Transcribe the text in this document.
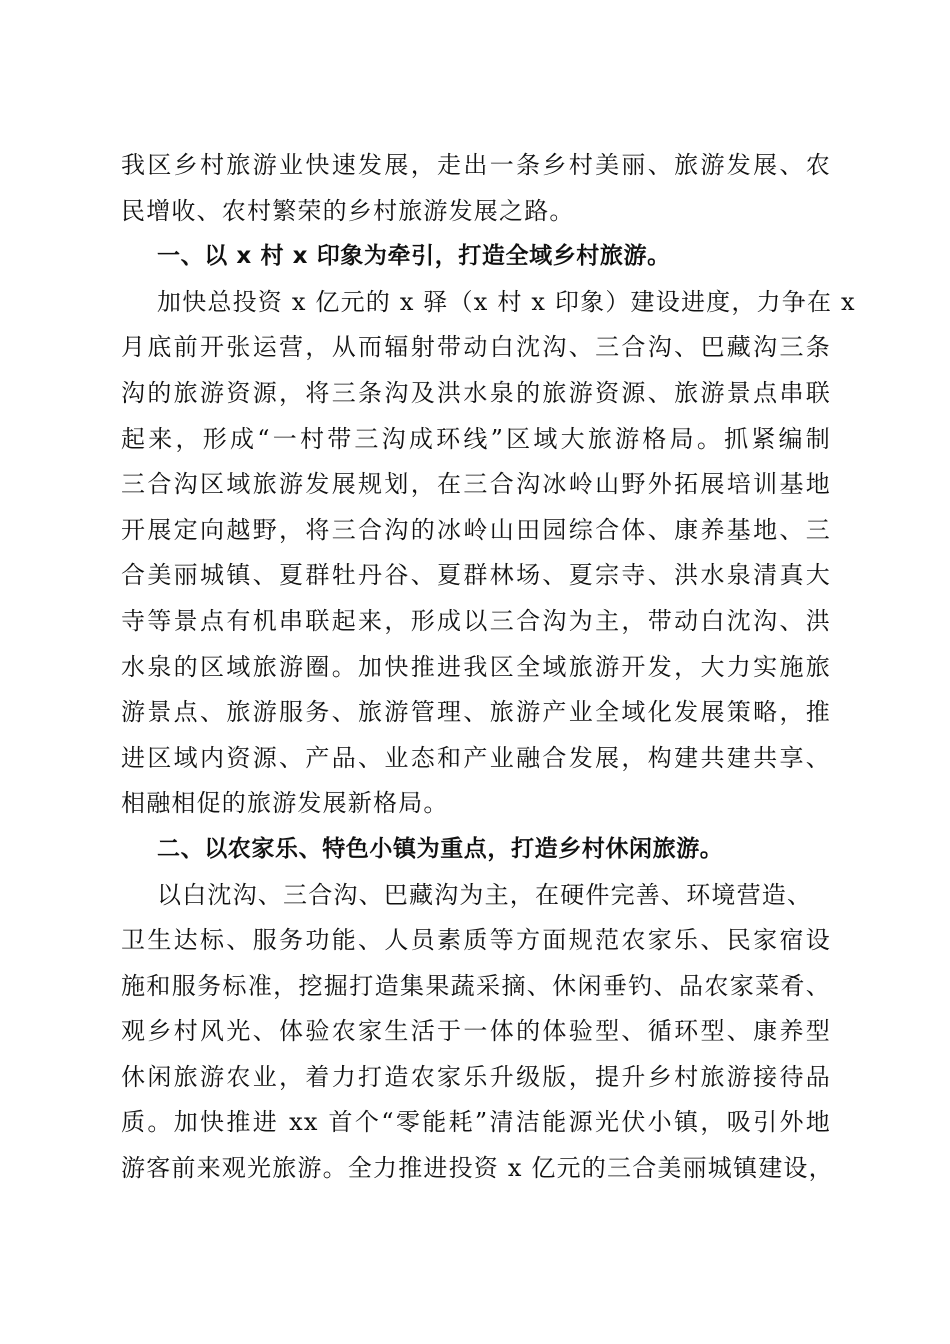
我区乡村旅游业快速发展，走出一条乡村美丽、旅游发展、农
民增收、农村繁荣的乡村旅游发展之路。
一、以 x 村 x 印象为牵引，打造全域乡村旅游。
加快总投资 x 亿元的 x 驿（x 村 x 印象）建设进度，力争在 x
月底前开张运营，从而辐射带动白沈沟、三合沟、巴藏沟三条
沟的旅游资源，将三条沟及洪水泉的旅游资源、旅游景点串联
起来，形成“一村带三沟成环线”区域大旅游格局。抓紧编制
三合沟区域旅游发展规划，在三合沟冰岭山野外拓展培训基地
开展定向越野，将三合沟的冰岭山田园综合体、康养基地、三
合美丽城镇、夏群牡丹谷、夏群林场、夏宗寺、洪水泉清真大
寺等景点有机串联起来，形成以三合沟为主，带动白沈沟、洪
水泉的区域旅游圈。加快推进我区全域旅游开发，大力实施旅
游景点、旅游服务、旅游管理、旅游产业全域化发展策略，推
进区域内资源、产品、业态和产业融合发展，构建共建共享、
相融相促的旅游发展新格局。
二、以农家乐、特色小镇为重点，打造乡村休闲旅游。
以白沈沟、三合沟、巴藏沟为主，在硬件完善、环境营造、
卫生达标、服务功能、人员素质等方面规范农家乐、民家宿设
施和服务标准，挖掘打造集果蔬采摘、休闲垂钓、品农家菜肴、
观乡村风光、体验农家生活于一体的体验型、循环型、康养型
休闲旅游农业，着力打造农家乐升级版，提升乡村旅游接待品
质。加快推进 xx 首个“零能耗”清洁能源光伏小镇，吸引外地
游客前来观光旅游。全力推进投资 x 亿元的三合美丽城镇建设，
